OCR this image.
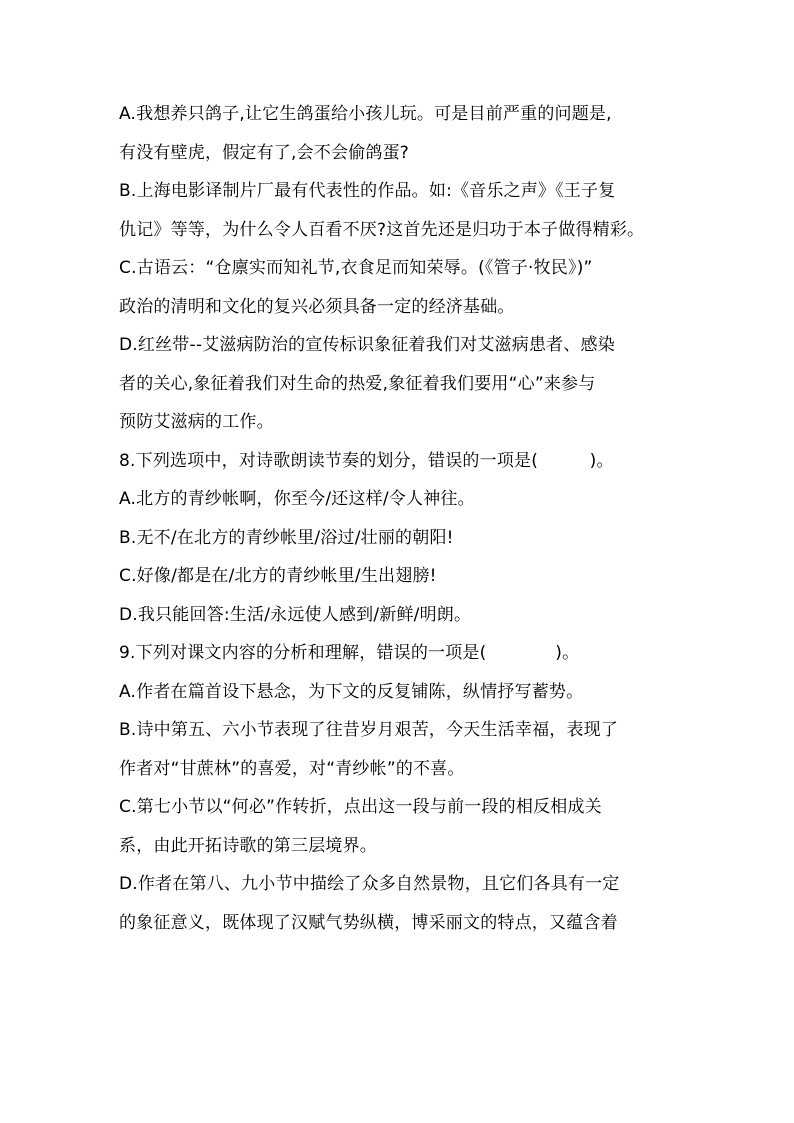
A.我想养只鸽子,让它生鸽蛋给小孩儿玩。可是目前严重的问题是,
有没有壁虎，假定有了,会不会偷鸽蛋?
B.上海电影译制片厂最有代表性的作品。如:《音乐之声》《王子复
仇记》等等，为什么令人百看不厌?这首先还是归功于本子做得精彩。
C.古语云：“仓廪实而知礼节,衣食足而知荣辱。(《管子·牧民》)”
政治的清明和文化的复兴必须具备一定的经济基础。
D.红丝带--艾滋病防治的宣传标识象征着我们对艾滋病患者、感染
者的关心,象征着我们对生命的热爱,象征着我们要用“心”来参与
预防艾滋病的工作。
8.下列选项中，对诗歌朗读节奏的划分，错误的一项是(　　　)。
A.北方的青纱帐啊，你至今/还这样/令人神往。
B.无不/在北方的青纱帐里/浴过/壮丽的朝阳!
C.好像/都是在/北方的青纱帐里/生出翅膀!
D.我只能回答:生活/永远使人感到/新鲜/明朗。
9.下列对课文内容的分析和理解，错误的一项是(　　　　)。
A.作者在篇首设下悬念，为下文的反复铺陈，纵情抒写蓄势。
B.诗中第五、六小节表现了往昔岁月艰苦，今天生活幸福，表现了
作者对“甘蔗林”的喜爱，对“青纱帐”的不喜。
C.第七小节以“何必”作转折，点出这一段与前一段的相反相成关
系，由此开拓诗歌的第三层境界。
D.作者在第八、九小节中描绘了众多自然景物，且它们各具有一定
的象征意义，既体现了汉赋气势纵横，博采丽文的特点，又蕴含着
